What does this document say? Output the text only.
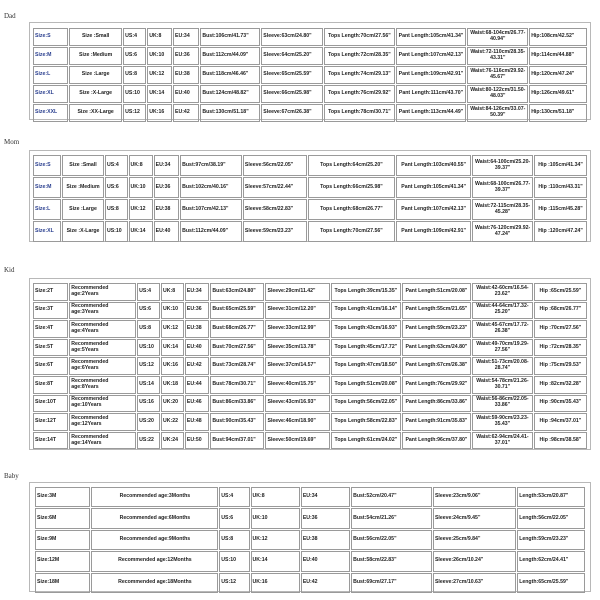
Dad
Size:S	Size :Small	US:4	UK:8	EU:34	Bust:106cm/41.73"	Sleeve:63cm/24.80"	Tops Length:70cm/27.56"	Pant Length:105cm/41.34"	Waist:68-104cm/26.77-40.94"	Hip:108cm/42.52"
Size:M	Size :Medium	US:6	UK:10	EU:36	Bust:112cm/44.09"	Sleeve:64cm/25.20"	Tops Length:72cm/28.35"	Pant Length:107cm/42.13"	Waist:72-110cm/28.35-43.31"	Hip:114cm/44.88"
Size:L	Size :Large	US:8	UK:12	EU:38	Bust:118cm/46.46"	Sleeve:65cm/25.59"	Tops Length:74cm/29.13"	Pant Length:109cm/42.91"	Waist:76-116cm/29.92-45.67"	Hip:120cm/47.24"
Size:XL	Size :X-Large	US:10	UK:14	EU:40	Bust:124cm/48.82"	Sleeve:66cm/25.98"	Tops Length:76cm/29.92"	Pant Length:111cm/43.70"	Waist:80-122cm/31.50-48.03"	Hip:126cm/49.61"
Size:XXL	Size :XX-Large	US:12	UK:16	EU:42	Bust:130cm/51.18"	Sleeve:67cm/26.38"	Tops Length:78cm/30.71"	Pant Length:113cm/44.49"	Waist:84-126cm/33.07-50.39"	Hip:130cm/51.18"
Mom
Size:S	Size :Small	US:4	UK:8	EU:34	Bust:97cm/38.19"	Sleeve:56cm/22.05"	Tops Length:64cm/25.20"	Pant Length:103cm/40.55"	Waist:64-100cm/25.20-39.37"	Hip :105cm/41.34"
Size:M	Size :Medium	US:6	UK:10	EU:36	Bust:102cm/40.16"	Sleeve:57cm/22.44"	Tops Length:66cm/25.98"	Pant Length:105cm/41.34"	Waist:68-100cm/26.77-39.37"	Hip :110cm/43.31"
Size:L	Size :Large	US:8	UK:12	EU:38	Bust:107cm/42.13"	Sleeve:58cm/22.83"	Tops Length:68cm/26.77"	Pant Length:107cm/42.13"	Waist:72-115cm/28.35-45.28"	Hip :115cm/45.28"
Size:XL	Size :X-Large	US:10	UK:14	EU:40	Bust:112cm/44.09"	Sleeve:59cm/23.23"	Tops Length:70cm/27.56"	Pant Length:109cm/42.91"	Waist:76-120cm/29.92-47.24"	Hip :120cm/47.24"
Kid
Size:2T	Recommended age:2Years	US:4	UK:8	EU:34	Bust:63cm/24.80"	Sleeve:29cm/11.42"	Tops Length:39cm/15.35"	Pant Length:51cm/20.08"	Waist:42-60cm/16.54-23.62"	Hip :65cm/25.59"
Size:3T	Recommended age:3Years	US:6	UK:10	EU:36	Bust:65cm/25.59"	Sleeve:31cm/12.20"	Tops Length:41cm/16.14"	Pant Length:55cm/21.65"	Waist:44-64cm/17.32-25.20"	Hip :68cm/26.77"
Size:4T	Recommended age:4Years	US:8	UK:12	EU:38	Bust:68cm/26.77"	Sleeve:33cm/12.99"	Tops Length:43cm/16.93"	Pant Length:59cm/23.23"	Waist:45-67cm/17.72-26.38"	Hip :70cm/27.56"
Size:5T	Recommended age:5Years	US:10	UK:14	EU:40	Bust:70cm/27.56"	Sleeve:35cm/13.78"	Tops Length:45cm/17.72"	Pant Length:63cm/24.80"	Waist:49-70cm/19.29-27.56"	Hip :72cm/28.35"
Size:6T	Recommended age:6Years	US:12	UK:16	EU:42	Bust:73cm/28.74"	Sleeve:37cm/14.57"	Tops Length:47cm/18.50"	Pant Length:67cm/26.38"	Waist:51-73cm/20.08-28.74"	Hip :75cm/29.53"
Size:8T	Recommended age:8Years	US:14	UK:18	EU:44	Bust:78cm/30.71"	Sleeve:40cm/15.75"	Tops Length:51cm/20.08"	Pant Length:76cm/29.92"	Waist:54-78cm/21.26-30.71"	Hip :82cm/32.28"
Size:10T	Recommended age:10Years	US:16	UK:20	EU:46	Bust:86cm/33.86"	Sleeve:43cm/16.93"	Tops Length:56cm/22.05"	Pant Length:86cm/33.86"	Waist:56-86cm/22.05-33.86"	Hip :90cm/35.43"
Size:12T	Recommended age:12Years	US:20	UK:22	EU:48	Bust:90cm/35.43"	Sleeve:46cm/18.90"	Tops Length:58cm/22.83"	Pant Length:91cm/35.83"	Waist:59-90cm/23.23-35.43"	Hip :94cm/37.01"
Size:14T	Recommended age:14Years	US:22	UK:24	EU:50	Bust:94cm/37.01"	Sleeve:50cm/19.69"	Tops Length:61cm/24.02"	Pant Length:96cm/37.80"	Waist:62-94cm/24.41-37.01"	Hip :98cm/38.58"
Baby
Size:3M	Recommended age:3Months	US:4	UK:8	EU:34	Bust:52cm/20.47"	Sleeve:23cm/9.06"	Length:53cm/20.87"
Size:6M	Recommended age:6Months	US:6	UK:10	EU:36	Bust:54cm/21.26"	Sleeve:24cm/9.45"	Length:56cm/22.05"
Size:9M	Recommended age:9Months	US:8	UK:12	EU:38	Bust:56cm/22.05"	Sleeve:25cm/9.84"	Length:59cm/23.23"
Size:12M	Recommended age:12Months	US:10	UK:14	EU:40	Bust:58cm/22.83"	Sleeve:26cm/10.24"	Length:62cm/24.41"
Size:18M	Recommended age:18Months	US:12	UK:16	EU:42	Bust:69cm/27.17"	Sleeve:27cm/10.63"	Length:65cm/25.59"
